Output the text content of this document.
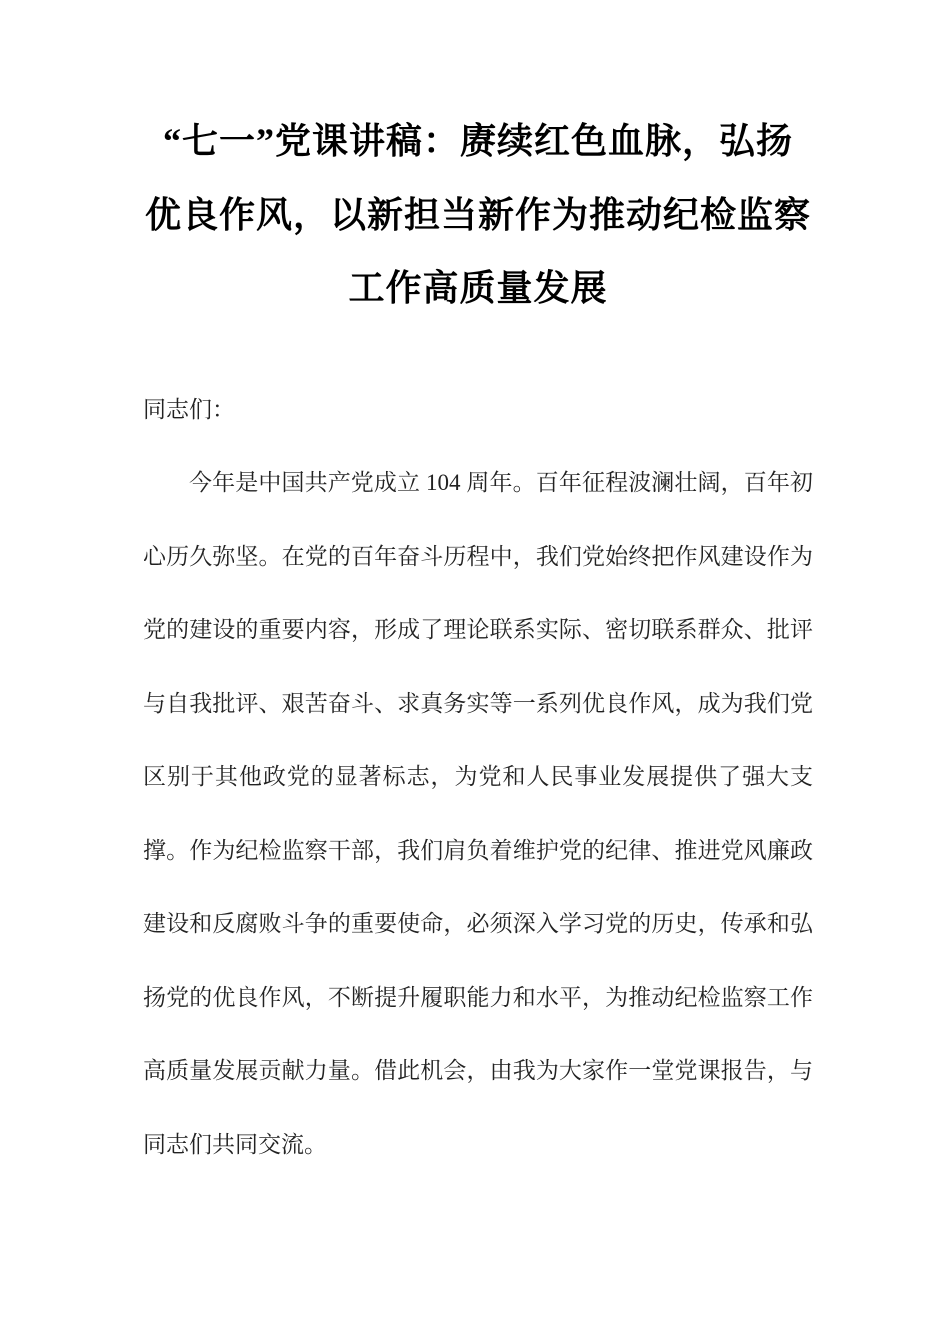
“七一”党课讲稿：赓续红色血脉，弘扬
优良作风，以新担当新作为推动纪检监察
工作高质量发展

同志们：

今年是中国共产党成立 104 周年。百年征程波澜壮阔，百年初心历久弥坚。在党的百年奋斗历程中，我们党始终把作风建设作为党的建设的重要内容，形成了理论联系实际、密切联系群众、批评与自我批评、艰苦奋斗、求真务实等一系列优良作风，成为我们党区别于其他政党的显著标志，为党和人民事业发展提供了强大支撑。作为纪检监察干部，我们肩负着维护党的纪律、推进党风廉政建设和反腐败斗争的重要使命，必须深入学习党的历史，传承和弘扬党的优良作风，不断提升履职能力和水平，为推动纪检监察工作高质量发展贡献力量。借此机会，由我为大家作一堂党课报告，与同志们共同交流。
